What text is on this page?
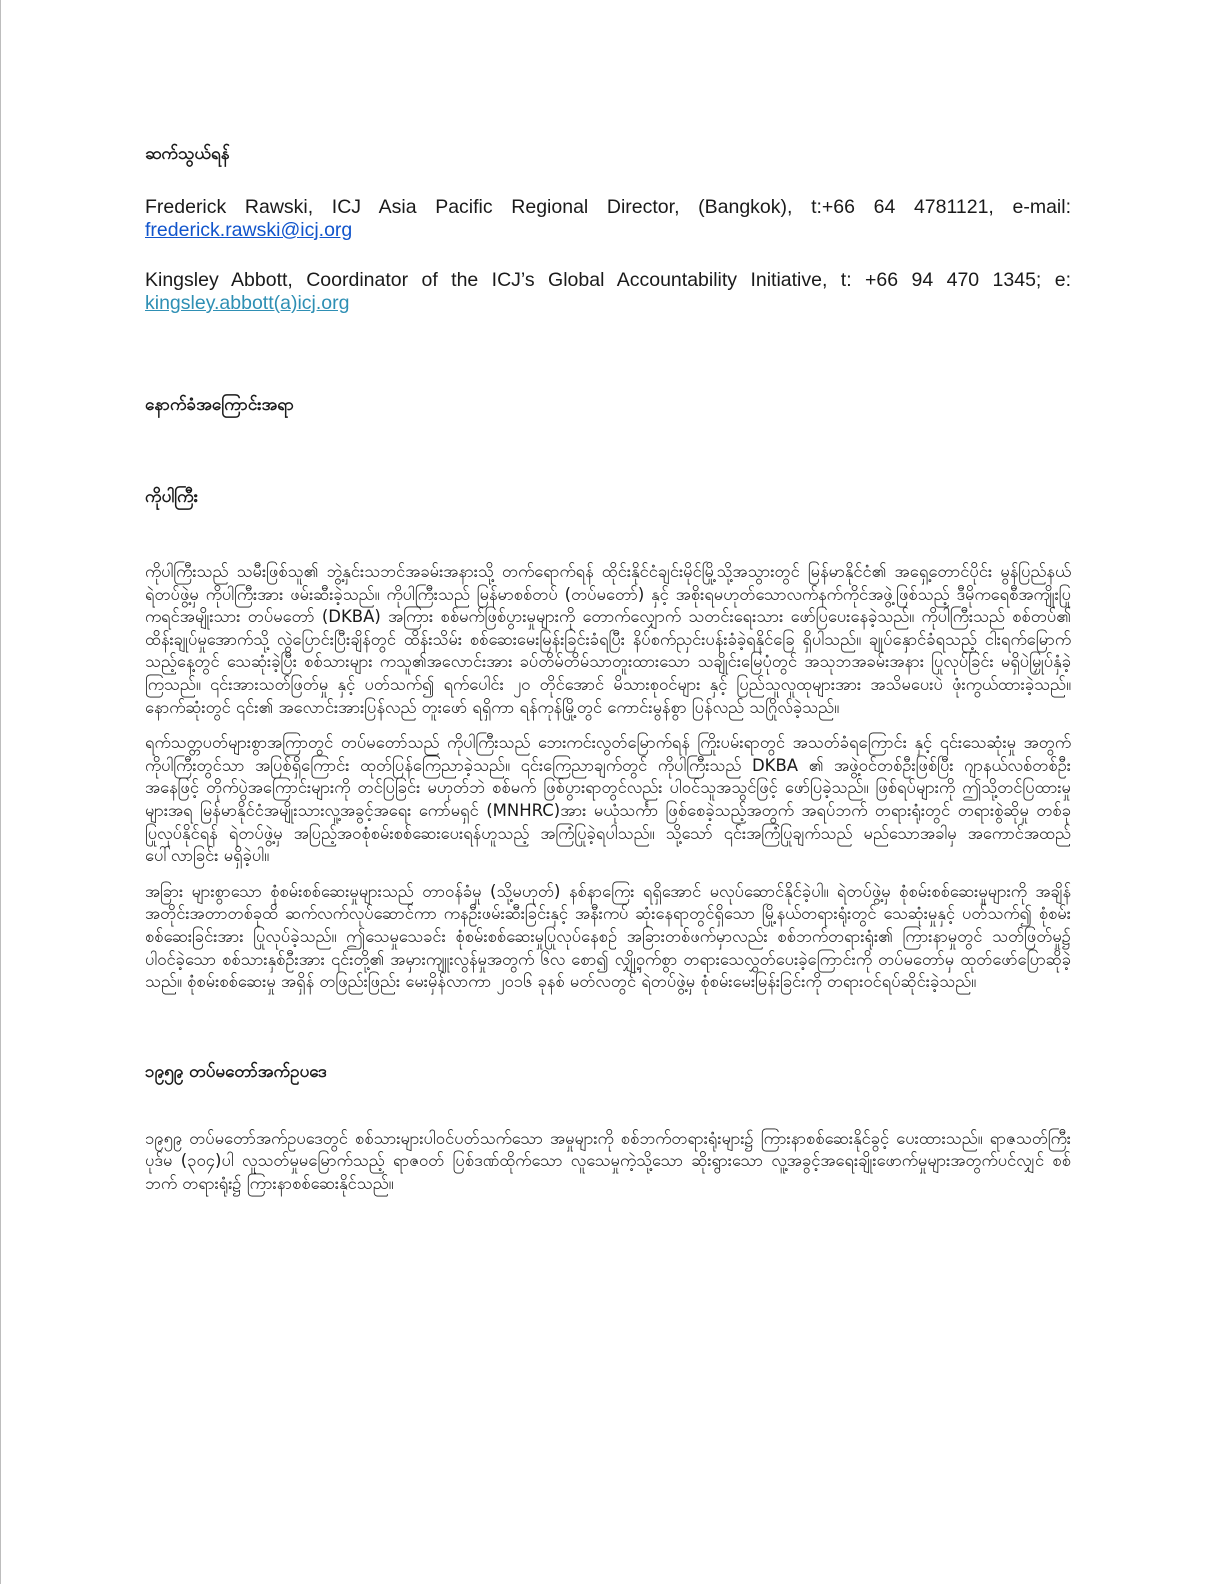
ဆက်သွယ်ရန်

Frederick Rawski, ICJ Asia Pacific Regional Director, (Bangkok), t:+66 64 4781121, e-mail: frederick.rawski@icj.org

Kingsley Abbott, Coordinator of the ICJ’s Global Accountability Initiative, t: +66 94 470 1345; e: kingsley.abbott(a)icj.org

နောက်ခံအကြောင်းအရာ
ကိုပါကြီး

ကိုပါကြီးသည် သမီးဖြစ်သူ၏ ဘွဲ့နှင်းသဘင်အခမ်းအနားသို့ တက်ရောက်ရန် ထိုင်းနိုင်ငံချင်းမိုင်မြို့သို့အသွားတွင် မြန်မာနိုင်ငံ၏ အရှေ့တောင်ပိုင်း မွန်ပြည်နယ် ရဲတပ်ဖွဲ့မှ ကိုပါကြီးအား ဖမ်းဆီးခဲ့သည်။ ကိုပါကြီးသည် မြန်မာစစ်တပ် (တပ်မတော်) နှင့် အစိုးရမဟုတ်သောလက်နက်ကိုင်အဖွဲ့ဖြစ်သည့် ဒီမိုကရေစီအကျိုးပြု ကရင်အမျိုးသား တပ်မတော် (DKBA) အကြား စစ်မက်ဖြစ်ပွားမှုများကို တောက်လျှောက် သတင်းရေးသား ဖော်ပြပေးနေခဲ့သည်။ ကိုပါကြီးသည် စစ်တပ်၏ ထိန်းချုပ်မှုအောက်သို့ လွဲပြောင်းပြီးချိန်တွင် ထိန်းသိမ်း စစ်ဆေးမေးမြန်းခြင်းခံရပြီး နိပ်စက်ညှင်းပန်းခံခဲ့ရနိုင်ခြေ ရှိပါသည်။ ချုပ်နှောင်ခံရသည့် ငါးရက်မြောက်သည့်နေ့တွင် သေဆုံးခဲ့ပြီး စစ်သားများ ကသူ၏အလောင်းအား ခပ်တိမ်တိမ်သာတူးထားသော သချိုင်းမြေပုံတွင် အသုဘအခမ်းအနား ပြုလုပ်ခြင်း မရှိပဲမြှုပ်နှံခဲ့ကြသည်။ ၎င်းအားသတ်ဖြတ်မှု နှင့် ပတ်သက်၍ ရက်ပေါင်း ၂၀ တိုင်အောင် မိသားစုဝင်များ နှင့် ပြည်သူလူထုများအား အသိမပေးပဲ ဖုံးကွယ်ထားခဲ့သည်။ နောက်ဆုံးတွင် ၎င်း၏ အလောင်းအားပြန်လည် တူးဖော် ရရှိကာ ရန်ကုန်မြို့တွင် ကောင်းမွန်စွာ ပြန်လည် သဂြိုလ်ခဲ့သည်။

ရက်သတ္တပတ်များစွာအကြာတွင် တပ်မတော်သည် ကိုပါကြီးသည် ဘေးကင်းလွတ်မြောက်ရန် ကြိုးပမ်းရာတွင် အသတ်ခံရကြောင်း နှင့် ၎င်းသေဆုံးမှု အတွက် ကိုပါကြီးတွင်သာ အပြစ်ရှိကြောင်း ထုတ်ပြန်ကြေညာခဲ့သည်။ ၎င်းကြေညာချက်တွင် ကိုပါကြီးသည် DKBA ၏ အဖွဲ့ဝင်တစ်ဦးဖြစ်ပြီး ဂျာနယ်လစ်တစ်ဦးအနေဖြင့် တိုက်ပွဲအကြောင်းများကို တင်ပြခြင်း မဟုတ်ဘဲ စစ်မက် ဖြစ်ပွားရာတွင်လည်း ပါဝင်သူအသွင်ဖြင့် ဖော်ပြခဲ့သည်။ ဖြစ်ရပ်များကို ဤသို့တင်ပြထားမှုများအရ မြန်မာနိုင်ငံအမျိုးသားလူ့အခွင့်အရေး ကော်မရှင် (MNHRC)အား မယုံသင်္ကာ ဖြစ်စေခဲ့သည့်အတွက် အရပ်ဘက် တရားရုံးတွင် တရားစွဲဆိုမှု တစ်ခုပြုလုပ်နိုင်ရန် ရဲတပ်ဖွဲ့မှ အပြည့်အဝစုံစမ်းစစ်ဆေးပေးရန်ဟူသည့် အကြံပြုခဲ့ရပါသည်။ သို့သော် ၎င်းအကြံပြုချက်သည် မည်သောအခါမှ အကောင်အထည်ပေါ်လာခြင်း မရှိခဲ့ပါ။

အခြား များစွာသော စုံစမ်းစစ်ဆေးမှုများသည် တာဝန်ခံမှု (သို့မဟုတ်) နစ်နာကြေး ရရှိအောင် မလုပ်ဆောင်နိုင်ခဲ့ပါ။ ရဲတပ်ဖွဲ့မှ စုံစမ်းစစ်ဆေးမှုများကို အချိန်အတိုင်းအတာတစ်ခုထိ ဆက်လက်လုပ်ဆောင်ကာ ကနဦးဖမ်းဆီးခြင်းနှင့် အနီးကပ် ဆုံးနေရာတွင်ရှိသော မြို့နယ်တရားရုံးတွင် သေဆုံးမှုနှင့် ပတ်သက်၍ စုံစမ်းစစ်ဆေးခြင်းအား ပြုလုပ်ခဲ့သည်။ ဤသေမှုသေခင်း စုံစမ်းစစ်ဆေးမှုပြုလုပ်နေစဉ် အခြားတစ်ဖက်မှာလည်း စစ်ဘက်တရားရုံး၏ ကြားနာမှုတွင် သတ်ဖြတ်မှု၌ ပါဝင်ခဲ့သော စစ်သားနှစ်ဦးအား ၎င်းတို့၏ အမှားကျူးလွန်မှုအတွက် ၆လ စော၍ လျှို့ဝှက်စွာ တရားသေလွှတ်ပေးခဲ့ကြောင်းကို တပ်မတော်မှ ထုတ်ဖော်ပြောဆိုခဲ့သည်။ စုံစမ်းစစ်ဆေးမှု အရှိန် တဖြည်းဖြည်း မေးမှိန်လာကာ ၂၀၁၆ ခုနစ် မတ်လတွင် ရဲတပ်ဖွဲ့မှ စုံစမ်းမေးမြန်းခြင်းကို တရားဝင်ရပ်ဆိုင်းခဲ့သည်။

၁၉၅၉ တပ်မတော်အက်ဥပဒေ

၁၉၅၉ တပ်မတော်အက်ဥပဒေတွင် စစ်သားများပါဝင်ပတ်သက်သော အမှုများကို စစ်ဘက်တရားရုံးများ၌ ကြားနာစစ်ဆေးနိုင်ခွင့် ပေးထားသည်။ ရာဇသတ်ကြီး ပုဒ်မ (၃၀၄)ပါ လူသတ်မှုမမြောက်သည့် ရာဇဝတ် ပြစ်ဒဏ်ထိုက်သော လူသေမှုကဲ့သို့သော ဆိုးရွားသော လူ့အခွင့်အရေးချိုးဖောက်မှုများအတွက်ပင်လျှင် စစ်ဘက် တရားရုံး၌ ကြားနာစစ်ဆေးနိုင်သည်။
